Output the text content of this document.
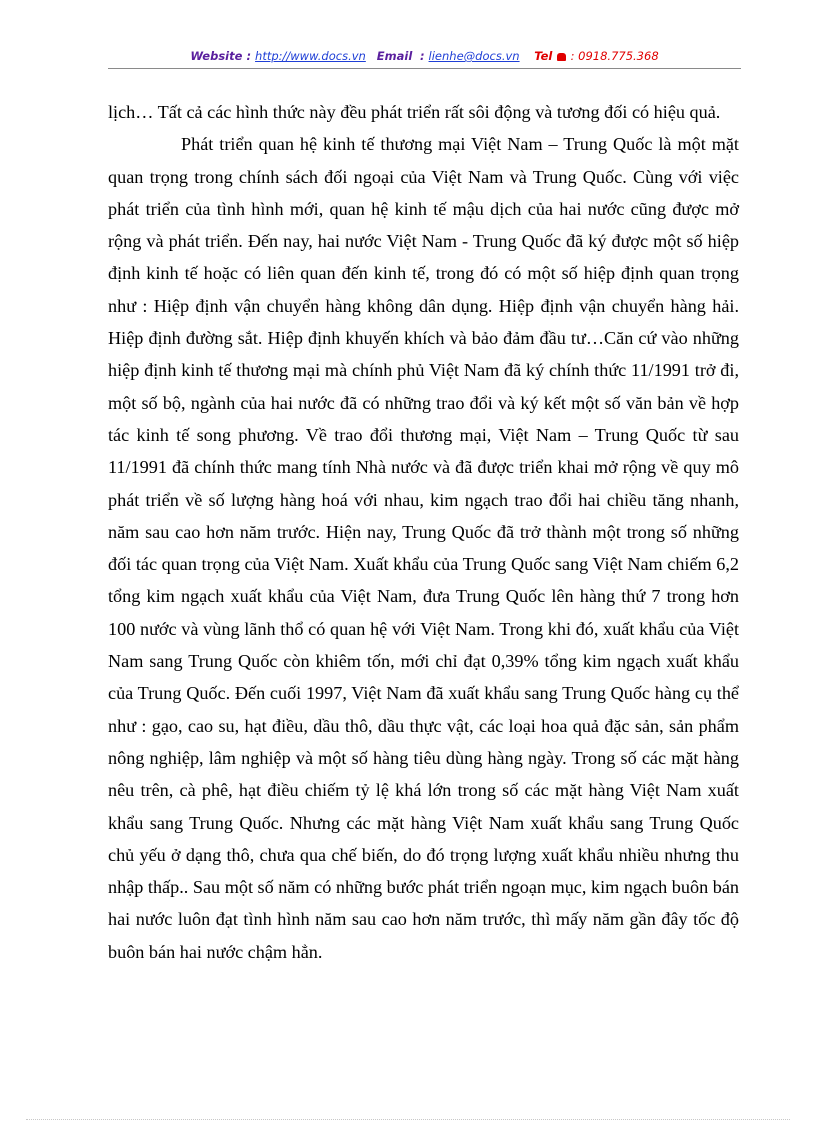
Website : http://www.docs.vn Email  : lienhe@docs.vn Tel  : 0918.775.368

lịch… Tất cả các hình thức này đều phát triển rất sôi động và tương đối có hiệu quả.

Phát triển quan hệ kinh tế thương mại Việt Nam – Trung Quốc là một mặt quan trọng trong chính sách đối ngoại của Việt Nam và Trung Quốc. Cùng với việc phát triển của tình hình mới, quan hệ kinh tế mậu dịch của hai nước cũng được mở rộng và phát triển. Đến nay, hai nước Việt Nam - Trung Quốc đã ký được một số hiệp định kinh tế hoặc có liên quan đến kinh tế, trong đó có một số hiệp định quan trọng như : Hiệp định vận chuyển hàng không dân dụng. Hiệp định vận chuyển hàng hải. Hiệp định đường sắt. Hiệp định khuyến khích và bảo đảm đầu tư…Căn cứ vào những hiệp định kinh tế thương mại mà chính phủ Việt Nam đã ký chính thức 11/1991 trở đi, một số bộ, ngành của hai nước đã có những trao đổi và ký kết một số văn bản về hợp tác kinh tế song phương. Về trao đổi thương mại, Việt Nam – Trung Quốc từ sau 11/1991 đã chính thức mang tính Nhà nước và đã được triển khai mở rộng về quy mô phát triển về số lượng hàng hoá với nhau, kim ngạch trao đổi hai chiều tăng nhanh, năm sau cao hơn năm trước. Hiện nay, Trung Quốc đã trở thành một trong số những đối tác quan trọng của Việt Nam. Xuất khẩu của Trung Quốc sang Việt Nam chiếm 6,2 tổng kim ngạch xuất khẩu của Việt Nam, đưa Trung Quốc lên hàng thứ 7 trong hơn 100 nước và vùng lãnh thổ có quan hệ với Việt Nam. Trong khi đó, xuất khẩu của Việt Nam sang Trung Quốc còn khiêm tốn, mới chỉ đạt 0,39% tổng kim ngạch xuất khẩu của Trung Quốc. Đến cuối 1997, Việt Nam đã xuất khẩu sang Trung Quốc hàng cụ thể như : gạo, cao su, hạt điều, dầu thô, dầu thực vật, các loại hoa quả đặc sản, sản phẩm nông nghiệp, lâm nghiệp và một số hàng tiêu dùng hàng ngày. Trong số các mặt hàng nêu trên, cà phê, hạt điều chiếm tỷ lệ khá lớn trong số các mặt hàng Việt Nam xuất khẩu sang Trung Quốc. Nhưng các mặt hàng Việt Nam xuất khẩu sang Trung Quốc chủ yếu ở dạng thô, chưa qua chế biến, do đó trọng lượng xuất khẩu nhiều nhưng thu nhập thấp.. Sau một số năm có những bước phát triển ngoạn mục, kim ngạch buôn bán hai nước luôn đạt tình hình năm sau cao hơn năm trước, thì mấy năm gần đây tốc độ buôn bán hai nước chậm hẳn.
